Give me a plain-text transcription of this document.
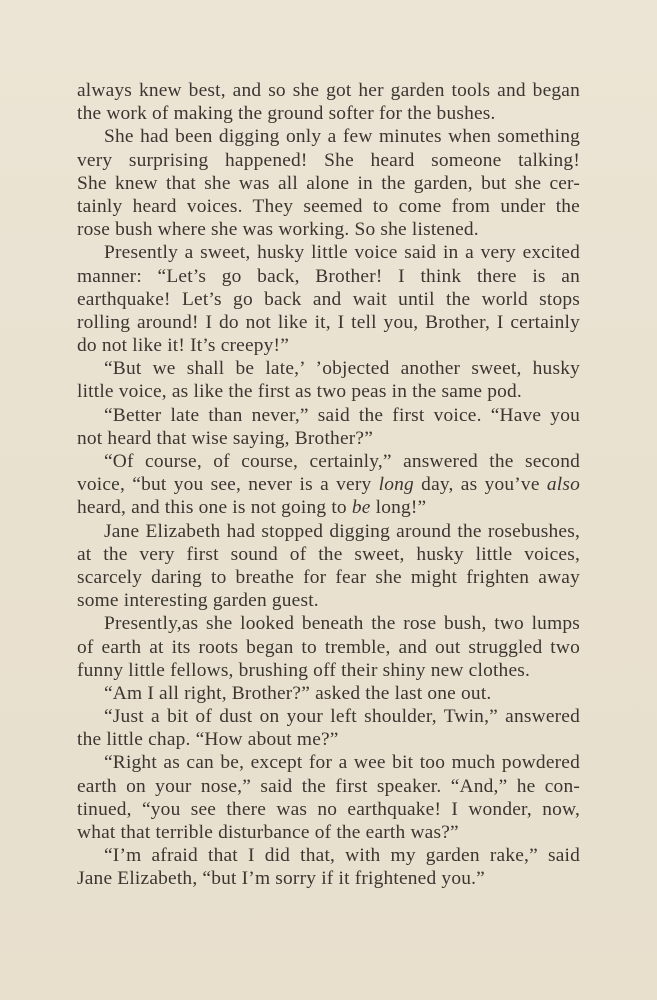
always knew best, and so she got her garden tools and began
the work of making the ground softer for the bushes.
She had been digging only a few minutes when something
very surprising happened! She heard someone talking!
She knew that she was all alone in the garden, but she cer-
tainly heard voices. They seemed to come from under the
rose bush where she was working. So she listened.
Presently a sweet, husky little voice said in a very excited
manner: “Let’s go back, Brother! I think there is an
earthquake! Let’s go back and wait until the world stops
rolling around! I do not like it, I tell you, Brother, I certainly
do not like it! It’s creepy!”
“But we shall be late,’ ’objected another sweet, husky
little voice, as like the first as two peas in the same pod.
“Better late than never,” said the first voice. “Have you
not heard that wise saying, Brother?”
“Of course, of course, certainly,” answered the second
voice, “but you see, never is a very long day, as you’ve also
heard, and this one is not going to be long!”
Jane Elizabeth had stopped digging around the rosebushes,
at the very first sound of the sweet, husky little voices,
scarcely daring to breathe for fear she might frighten away
some interesting garden guest.
Presently,as she looked beneath the rose bush, two lumps
of earth at its roots began to tremble, and out struggled two
funny little fellows, brushing off their shiny new clothes.
“Am I all right, Brother?” asked the last one out.
“Just a bit of dust on your left shoulder, Twin,” answered
the little chap. “How about me?”
“Right as can be, except for a wee bit too much powdered
earth on your nose,” said the first speaker. “And,” he con-
tinued, “you see there was no earthquake! I wonder, now,
what that terrible disturbance of the earth was?”
“I’m afraid that I did that, with my garden rake,” said
Jane Elizabeth, “but I’m sorry if it frightened you.”
